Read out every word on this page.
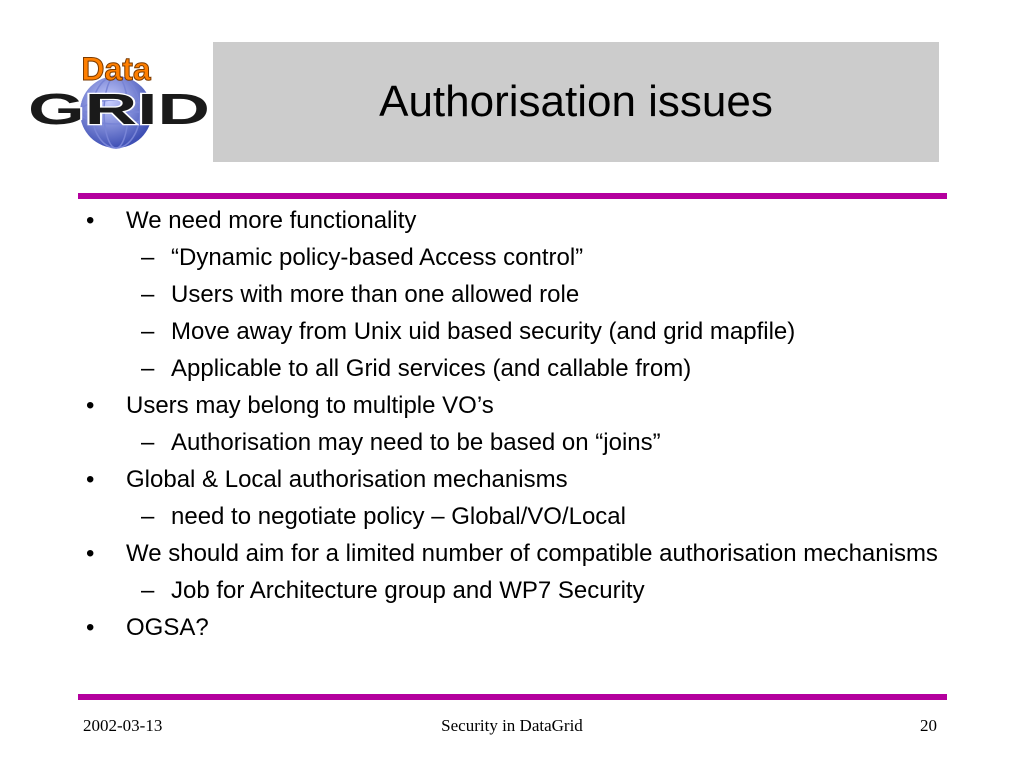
Data
GRID	Authorisation issues
• We need more functionality
– “Dynamic policy-based Access control”
– Users with more than one allowed role
– Move away from Unix uid based security (and grid mapfile)
– Applicable to all Grid services (and callable from)
• Users may belong to multiple VO’s
– Authorisation may need to be based on “joins”
• Global & Local authorisation mechanisms
– need to negotiate policy – Global/VO/Local
• We should aim for a limited number of compatible authorisation mechanisms
– Job for Architecture group and WP7 Security
• OGSA?
2002-03-13	Security in DataGrid	20
